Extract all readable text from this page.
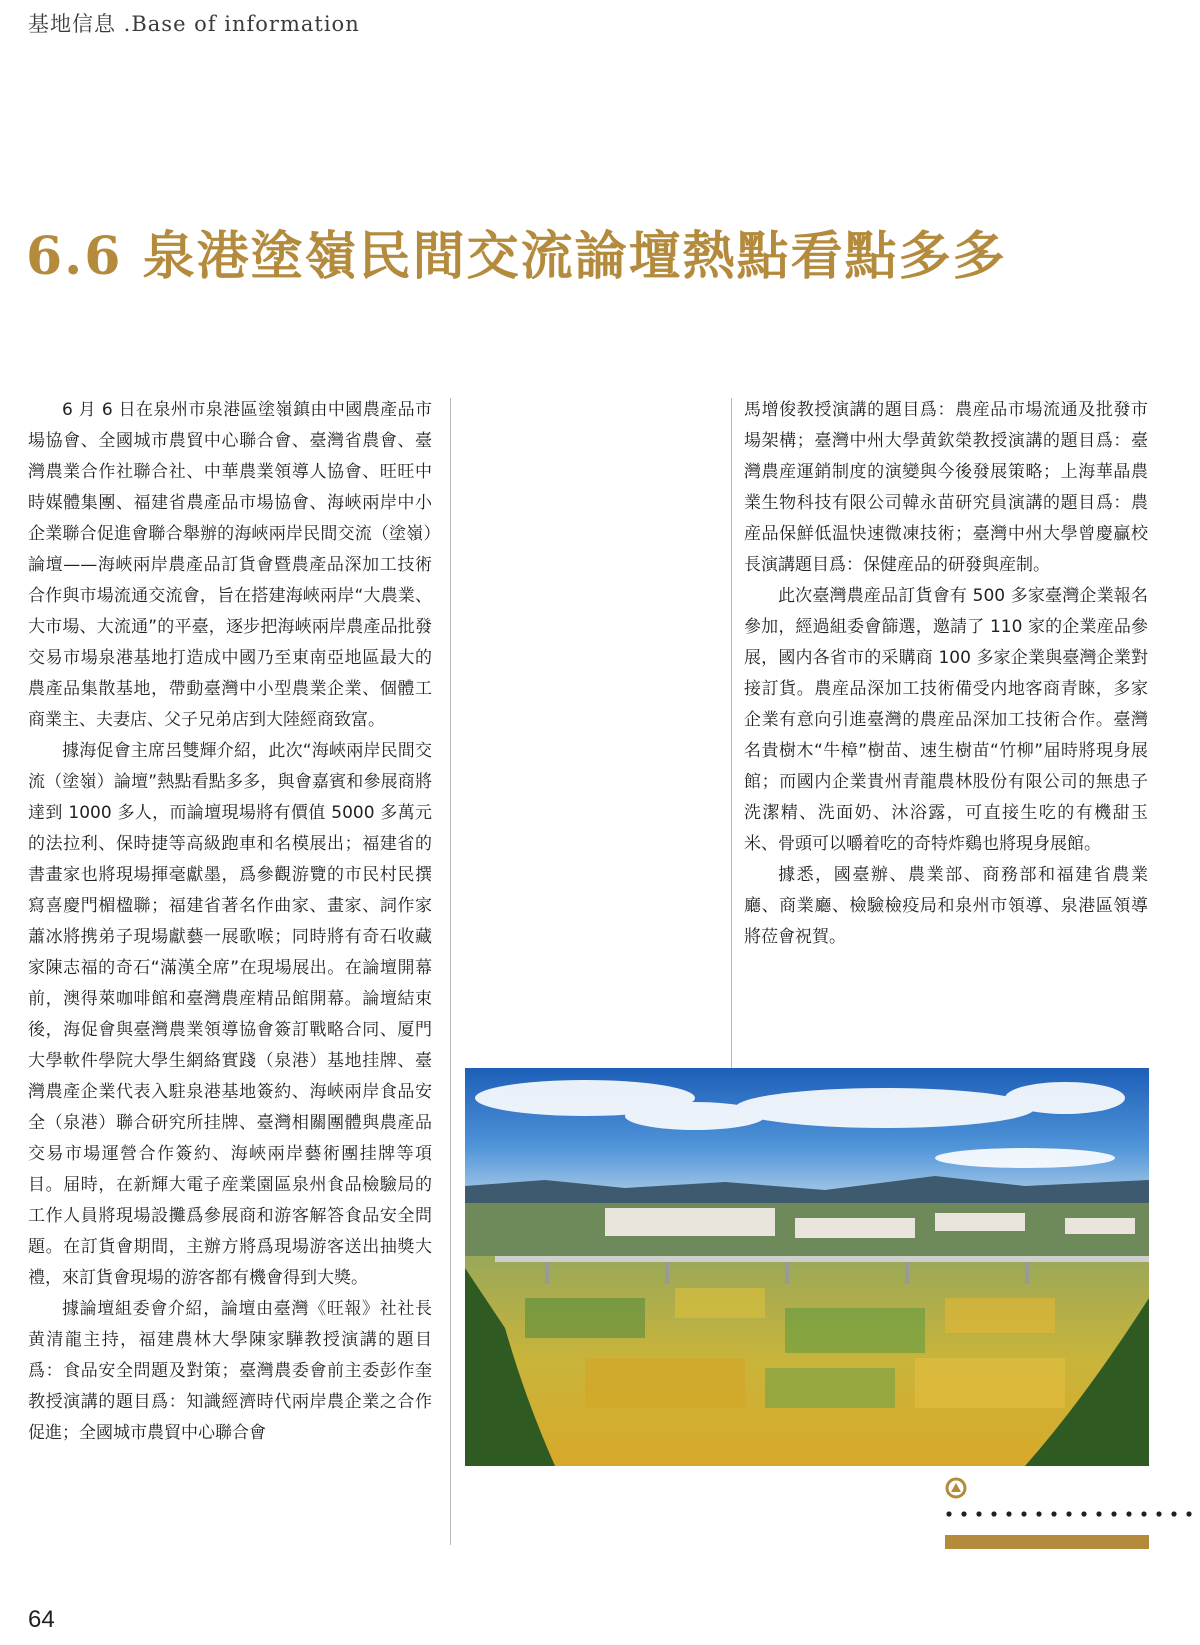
基地信息 .Base of information
6.6 泉港塗嶺民間交流論壇熱點看點多多

6 月 6 日在泉州市泉港區塗嶺鎮由中國農產品市場協會、全國城市農貿中心聯合會、臺灣省農會、臺灣農業合作社聯合社、中華農業領導人協會、旺旺中時媒體集團、福建省農產品市場協會、海峽兩岸中小企業聯合促進會聯合舉辦的海峽兩岸民間交流（塗嶺）論壇——海峽兩岸農產品訂貨會暨農產品深加工技術合作與市場流通交流會，旨在搭建海峽兩岸“大農業、大市場、大流通”的平臺，逐步把海峽兩岸農產品批發交易市場泉港基地打造成中國乃至東南亞地區最大的農產品集散基地，帶動臺灣中小型農業企業、個體工商業主、夫妻店、父子兄弟店到大陸經商致富。

據海促會主席呂雙輝介紹，此次“海峽兩岸民間交流（塗嶺）論壇”熱點看點多多，與會嘉賓和參展商將達到 1000 多人，而論壇現場將有價值 5000 多萬元的法拉利、保時捷等高級跑車和名模展出；福建省的書畫家也將現場揮毫獻墨，爲參觀游覽的市民村民撰寫喜慶門楣楹聯；福建省著名作曲家、畫家、詞作家蕭冰將携弟子現場獻藝一展歌喉；同時將有奇石收藏家陳志福的奇石“滿漢全席”在現場展出。在論壇開幕前，澳得萊咖啡館和臺灣農産精品館開幕。論壇結束後，海促會與臺灣農業領導協會簽訂戰略合同、厦門大學軟件學院大學生網絡實踐（泉港）基地挂牌、臺灣農產企業代表入駐泉港基地簽約、海峽兩岸食品安全（泉港）聯合研究所挂牌、臺灣相關團體與農產品交易市場運營合作簽約、海峽兩岸藝術團挂牌等項目。届時，在新輝大電子産業園區泉州食品檢驗局的工作人員將現場設攤爲參展商和游客解答食品安全問題。在訂貨會期間，主辦方將爲現場游客送出抽獎大禮，來訂貨會現場的游客都有機會得到大獎。

據論壇組委會介紹，論壇由臺灣《旺報》社社長黄清龍主持，福建農林大學陳家驊教授演講的題目爲：食品安全問題及對策；臺灣農委會前主委彭作奎教授演講的題目爲：知識經濟時代兩岸農企業之合作促進；全國城市農貿中心聯合會

馬增俊教授演講的題目爲：農産品市場流通及批發市場架構；臺灣中州大學黄欽榮教授演講的題目爲：臺灣農産運銷制度的演變與今後發展策略；上海華晶農業生物科技有限公司韓永苗研究員演講的題目爲：農産品保鮮低温快速微凍技術；臺灣中州大學曾慶贏校長演講題目爲：保健産品的研發與産制。

此次臺灣農産品訂貨會有 500 多家臺灣企業報名參加，經過組委會篩選，邀請了 110 家的企業産品參展，國内各省市的采購商 100 多家企業與臺灣企業對接訂貨。農産品深加工技術備受内地客商青睞，多家企業有意向引進臺灣的農産品深加工技術合作。臺灣名貴樹木“牛樟”樹苗、速生樹苗“竹柳”届時將現身展館；而國内企業貴州青龍農林股份有限公司的無患子洗潔精、洗面奶、沐浴露，可直接生吃的有機甜玉米、骨頭可以嚼着吃的奇特炸鷄也將現身展館。

據悉，國臺辦、農業部、商務部和福建省農業廳、商業廳、檢驗檢疫局和泉州市領導、泉港區領導將莅會祝賀。

64
